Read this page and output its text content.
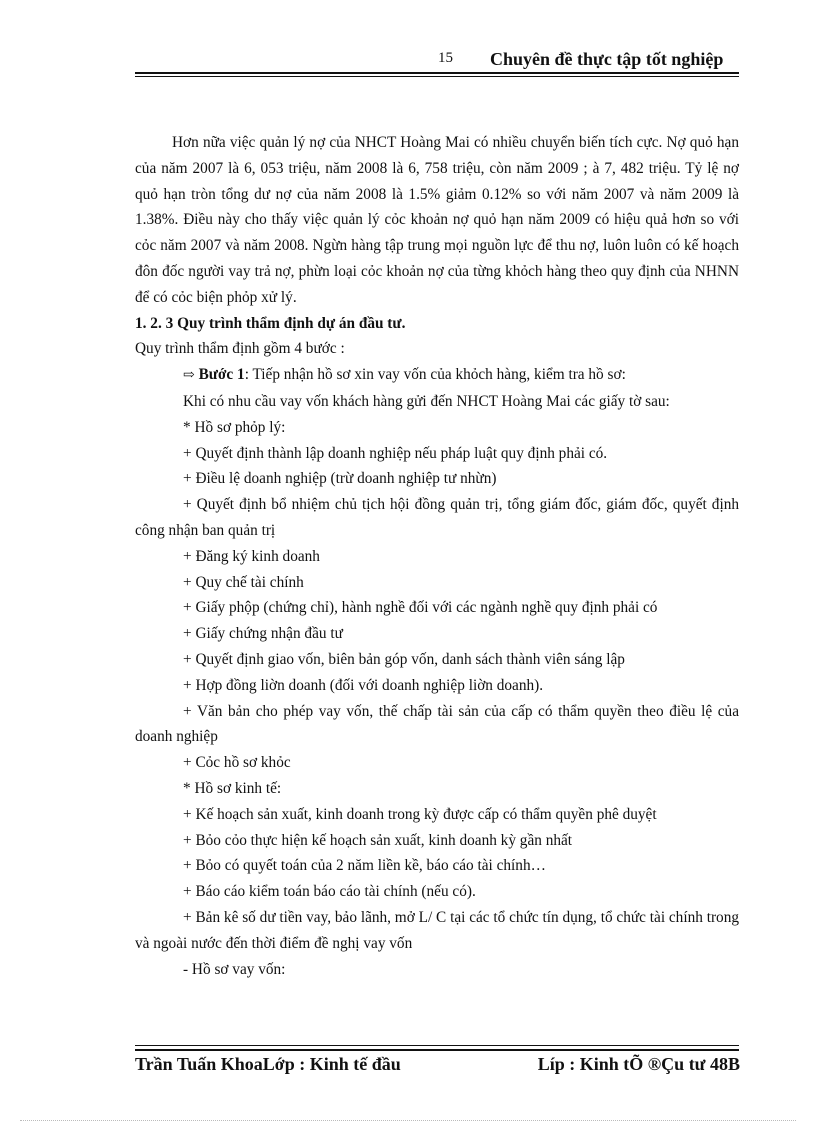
15 Chuyên đề thực tập tốt nghiệp

Hơn nữa việc quản lý nợ của NHCT Hoàng Mai có nhiều chuyển biến tích cực. Nợ quỏ hạn của năm 2007 là 6, 053 triệu, năm 2008 là 6, 758 triệu, còn năm 2009 ; à 7, 482 triệu. Tỷ lệ nợ quỏ hạn tròn tổng dư nợ của năm 2008 là 1.5% giảm 0.12% so với năm 2007 và năm 2009 là 1.38%. Điều này cho thấy việc quản lý cỏc khoản nợ quỏ hạn năm 2009 có hiệu quả hơn so với cỏc năm 2007 và năm 2008. Ngừn hàng tập trung mọi nguồn lực để thu nợ, luôn luôn có kế hoạch đôn đốc người vay trả nợ, phừn loại cỏc khoản nợ của từng khỏch hàng theo quy định của NHNN để có cỏc biện phỏp xử lý.

1. 2. 3 Quy trình thẩm định dự án đầu tư.

Quy trình thẩm định gồm 4 bước :

⇨ Bước 1: Tiếp nhận hồ sơ xin vay vốn của khỏch hàng, kiểm tra hồ sơ:

Khi có nhu cầu vay vốn khách hàng gửi đến NHCT Hoàng Mai các giấy tờ sau:

* Hồ sơ phỏp lý:

+ Quyết định thành lập doanh nghiệp nếu pháp luật quy định phải có.

+ Điều lệ doanh nghiệp (trừ doanh nghiệp tư nhừn)

+ Quyết định bổ nhiệm chủ tịch hội đồng quản trị, tổng giám đốc, giám đốc, quyết định công nhận ban quản trị

+ Đăng ký kinh doanh

+ Quy chế tài chính

+ Giấy phộp (chứng chỉ), hành nghề đối với các ngành nghề quy định phải có

+ Giấy chứng nhận đầu tư

+ Quyết định giao vốn, biên bản góp vốn, danh sách thành viên sáng lập

+ Hợp đồng liờn doanh (đối với doanh nghiệp liờn doanh).

+ Văn bản cho phép vay vốn, thế chấp tài sản của cấp có thẩm quyền theo điều lệ của doanh nghiệp

+ Cỏc hồ sơ khỏc

* Hồ sơ kinh tế:

+ Kế hoạch sản xuất, kinh doanh trong kỳ được cấp có thẩm quyền phê duyệt

+ Bỏo cỏo thực hiện kế hoạch sản xuất, kinh doanh kỳ gần nhất

+ Bỏo có quyết toán của 2 năm liền kề, báo cáo tài chính…

+ Báo cáo kiểm toán báo cáo tài chính (nếu có).

+ Bản kê số dư tiền vay, bảo lãnh, mở L/ C tại các tổ chức tín dụng, tổ chức tài chính trong và ngoài nước đến thời điểm đề nghị vay vốn

- Hồ sơ vay vốn:

Trần Tuấn KhoaLớp : Kinh tế đầu	Líp : Kinh tÕ ®Çu tư 48B
